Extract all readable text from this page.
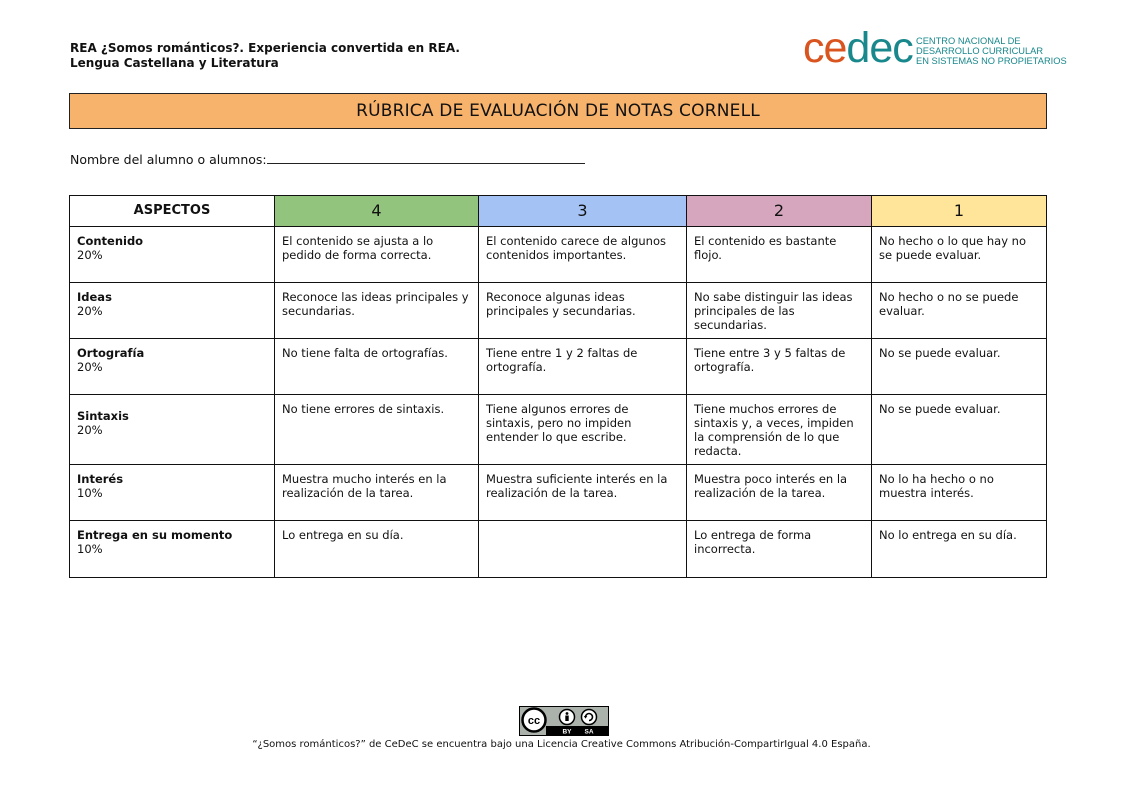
REA ¿Somos románticos?. Experiencia convertida en REA.
Lengua Castellana y Literatura	cedec CENTRO NACIONAL DE
DESARROLLO CURRICULAR
EN SISTEMAS NO PROPIETARIOS
RÚBRICA DE EVALUACIÓN DE NOTAS CORNELL
Nombre del alumno o alumnos:
ASPECTOS	4	3	2	1

Contenido
20%	El contenido se ajusta a lo pedido de forma correcta.	El contenido carece de algunos contenidos importantes.	El contenido es bastante flojo.	No hecho o lo que hay no se puede evaluar.

Ideas
20%	Reconoce las ideas principales y secundarias.	Reconoce algunas ideas principales y secundarias.	No sabe distinguir las ideas principales de las secundarias.	No hecho o no se puede evaluar.

Ortografía
20%	No tiene falta de ortografías.	Tiene entre 1 y 2 faltas de ortografía.	Tiene entre 3 y 5 faltas de ortografía.	No se puede evaluar.

Sintaxis
20%	No tiene errores de sintaxis.	Tiene algunos errores de sintaxis, pero no impiden entender lo que escribe.	Tiene muchos errores de sintaxis y, a veces, impiden la comprensión de lo que redacta.	No se puede evaluar.

Interés
10%	Muestra mucho interés en la realización de la tarea.	Muestra suficiente interés en la realización de la tarea.	Muestra poco interés en la realización de la tarea.	No lo ha hecho o no muestra interés.

Entrega en su momento
10%	Lo entrega en su día.		Lo entrega de forma incorrecta.	No lo entrega en su día.
cc
BY SA
“¿Somos románticos?” de CeDeC se encuentra bajo una Licencia Creative Commons Atribución-CompartirIgual 4.0 España.
